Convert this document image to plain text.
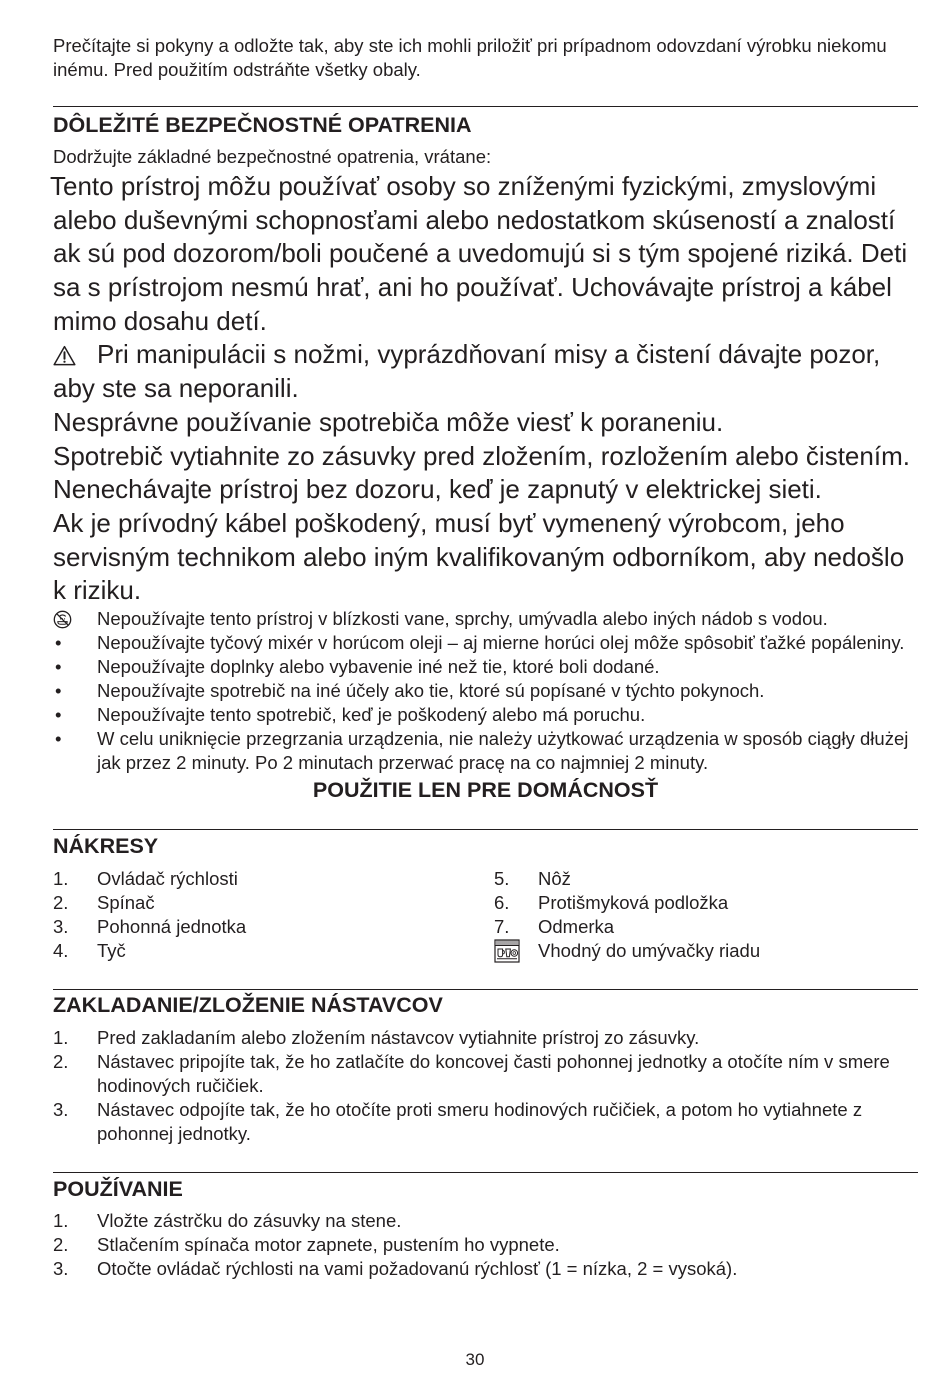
Prečítajte si pokyny a odložte tak, aby ste ich mohli priložiť pri prípadnom odovzdaní výrobku niekomu
inému. Pred použitím odstráňte všetky obaly.
DÔLEŽITÉ BEZPEČNOSTNÉ OPATRENIA
Dodržujte základné bezpečnostné opatrenia, vrátane:
Tento prístroj môžu používať osoby so zníženými fyzickými, zmyslovými
alebo duševnými schopnosťami alebo nedostatkom skúseností a znalostí
ak sú pod dozorom/boli poučené a uvedomujú si s tým spojené riziká. Deti
sa s prístrojom nesmú hrať, ani ho používať. Uchovávajte prístroj a kábel
mimo dosahu detí.
Pri manipulácii s nožmi, vyprázdňovaní misy a čistení dávajte pozor,
aby ste sa neporanili.
Nesprávne používanie spotrebiča môže viesť k poraneniu.
Spotrebič vytiahnite zo zásuvky pred zložením, rozložením alebo čistením.
Nenechávajte prístroj bez dozoru, keď je zapnutý v elektrickej sieti.
Ak je prívodný kábel poškodený, musí byť vymenený výrobcom, jeho
servisným technikom alebo iným kvalifikovaným odborníkom, aby nedošlo
k riziku.
Nepoužívajte tento prístroj v blízkosti vane, sprchy, umývadla alebo iných nádob s vodou.
• Nepoužívajte tyčový mixér v horúcom oleji – aj mierne horúci olej môže spôsobiť ťažké popáleniny.
• Nepoužívajte doplnky alebo vybavenie iné než tie, ktoré boli dodané.
• Nepoužívajte spotrebič na iné účely ako tie, ktoré sú popísané v týchto pokynoch.
• Nepoužívajte tento spotrebič, keď je poškodený alebo má poruchu.
• W celu uniknięcie przegrzania urządzenia, nie należy użytkować urządzenia w sposób ciągły dłużej
jak przez 2 minuty. Po 2 minutach przerwać pracę na co najmniej 2 minuty.
POUŽITIE LEN PRE DOMÁCNOSŤ
NÁKRESY
1.	Ovládač rýchlosti
2.	Spínač
3.	Pohonná jednotka
4.	Tyč
5.	Nôž
6.	Protišmyková podložka
7.	Odmerka
Vhodný do umývačky riadu
ZAKLADANIE/ZLOŽENIE NÁSTAVCOV
1.	Pred zakladaním alebo zložením nástavcov vytiahnite prístroj zo zásuvky.
2.	Nástavec pripojíte tak, že ho zatlačíte do koncovej časti pohonnej jednotky a otočíte ním v smere
hodinových ručičiek.
3.	Nástavec odpojíte tak, že ho otočíte proti smeru hodinových ručičiek, a potom ho vytiahnete z
pohonnej jednotky.
POUŽÍVANIE
1.	Vložte zástrčku do zásuvky na stene.
2.	Stlačením spínača motor zapnete, pustením ho vypnete.
3.	Otočte ovládač rýchlosti na vami požadovanú rýchlosť (1 = nízka, 2 = vysoká).
30
